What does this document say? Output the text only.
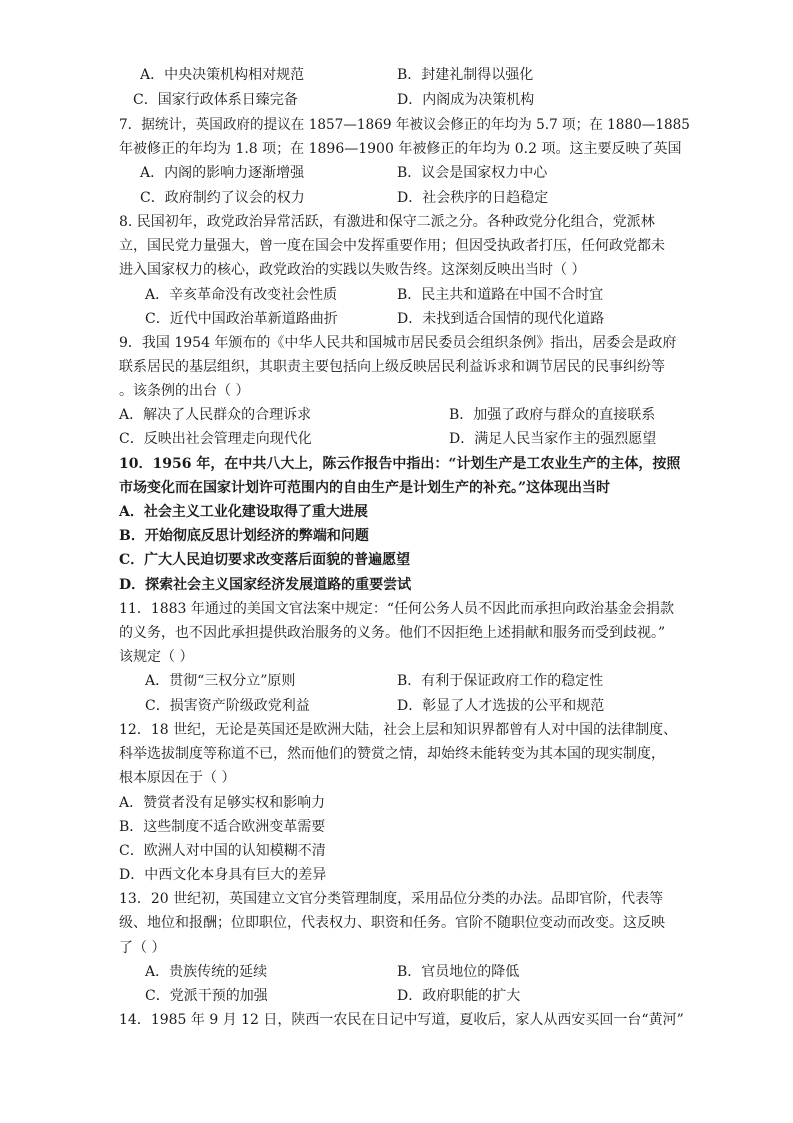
A．中央决策机构相对规范	B．封建礼制得以强化
C．国家行政体系日臻完备	D．内阁成为决策机构
7．据统计，英国政府的提议在 1857—1869 年被议会修正的年均为 5.7 项；在 1880—1885
年被修正的年均为 1.8 项；在 1896—1900 年被修正的年均为 0.2 项。这主要反映了英国
A．内阁的影响力逐渐增强	B．议会是国家权力中心
C．政府制约了议会的权力	D．社会秩序的日趋稳定
8. 民国初年，政党政治异常活跃，有激进和保守二派之分。各种政党分化组合，党派林
立，国民党力量强大，曾一度在国会中发挥重要作用；但因受执政者打压，任何政党都未
进入国家权力的核心，政党政治的实践以失败告终。这深刻反映出当时（ ）
A．辛亥革命没有改变社会性质	B．民主共和道路在中国不合时宜
C．近代中国政治革新道路曲折	D．未找到适合国情的现代化道路
9．我国 1954 年颁布的《中华人民共和国城市居民委员会组织条例》指出，居委会是政府
联系居民的基层组织，其职责主要包括向上级反映居民利益诉求和调节居民的民事纠纷等
。该条例的出台（ ）
A．解决了人民群众的合理诉求	B．加强了政府与群众的直接联系
C．反映出社会管理走向现代化	D．满足人民当家作主的强烈愿望
10．1956 年，在中共八大上，陈云作报告中指出：“计划生产是工农业生产的主体，按照
市场变化而在国家计划许可范围内的自由生产是计划生产的补充。”这体现出当时
A．社会主义工业化建设取得了重大进展
B．开始彻底反思计划经济的弊端和问题
C．广大人民迫切要求改变落后面貌的普遍愿望
D．探索社会主义国家经济发展道路的重要尝试
11．1883 年通过的美国文官法案中规定：“任何公务人员不因此而承担向政治基金会捐款
的义务，也不因此承担提供政治服务的义务。他们不因拒绝上述捐献和服务而受到歧视。”
该规定（ ）
A．贯彻“三权分立”原则	B．有利于保证政府工作的稳定性
C．损害资产阶级政党利益	D．彰显了人才选拔的公平和规范
12．18 世纪，无论是英国还是欧洲大陆，社会上层和知识界都曾有人对中国的法律制度、
科举选拔制度等称道不已，然而他们的赞赏之情，却始终未能转变为其本国的现实制度，
根本原因在于（ ）
A．赞赏者没有足够实权和影响力
B．这些制度不适合欧洲变革需要
C．欧洲人对中国的认知模糊不清
D．中西文化本身具有巨大的差异
13．20 世纪初，英国建立文官分类管理制度，采用品位分类的办法。品即官阶，代表等
级、地位和报酬；位即职位，代表权力、职资和任务。官阶不随职位变动而改变。这反映
了（ ）
A．贵族传统的延续	B．官员地位的降低
C．党派干预的加强	D．政府职能的扩大
14．1985 年 9 月 12 日，陕西一农民在日记中写道，夏收后，家人从西安买回一台“黄河”
